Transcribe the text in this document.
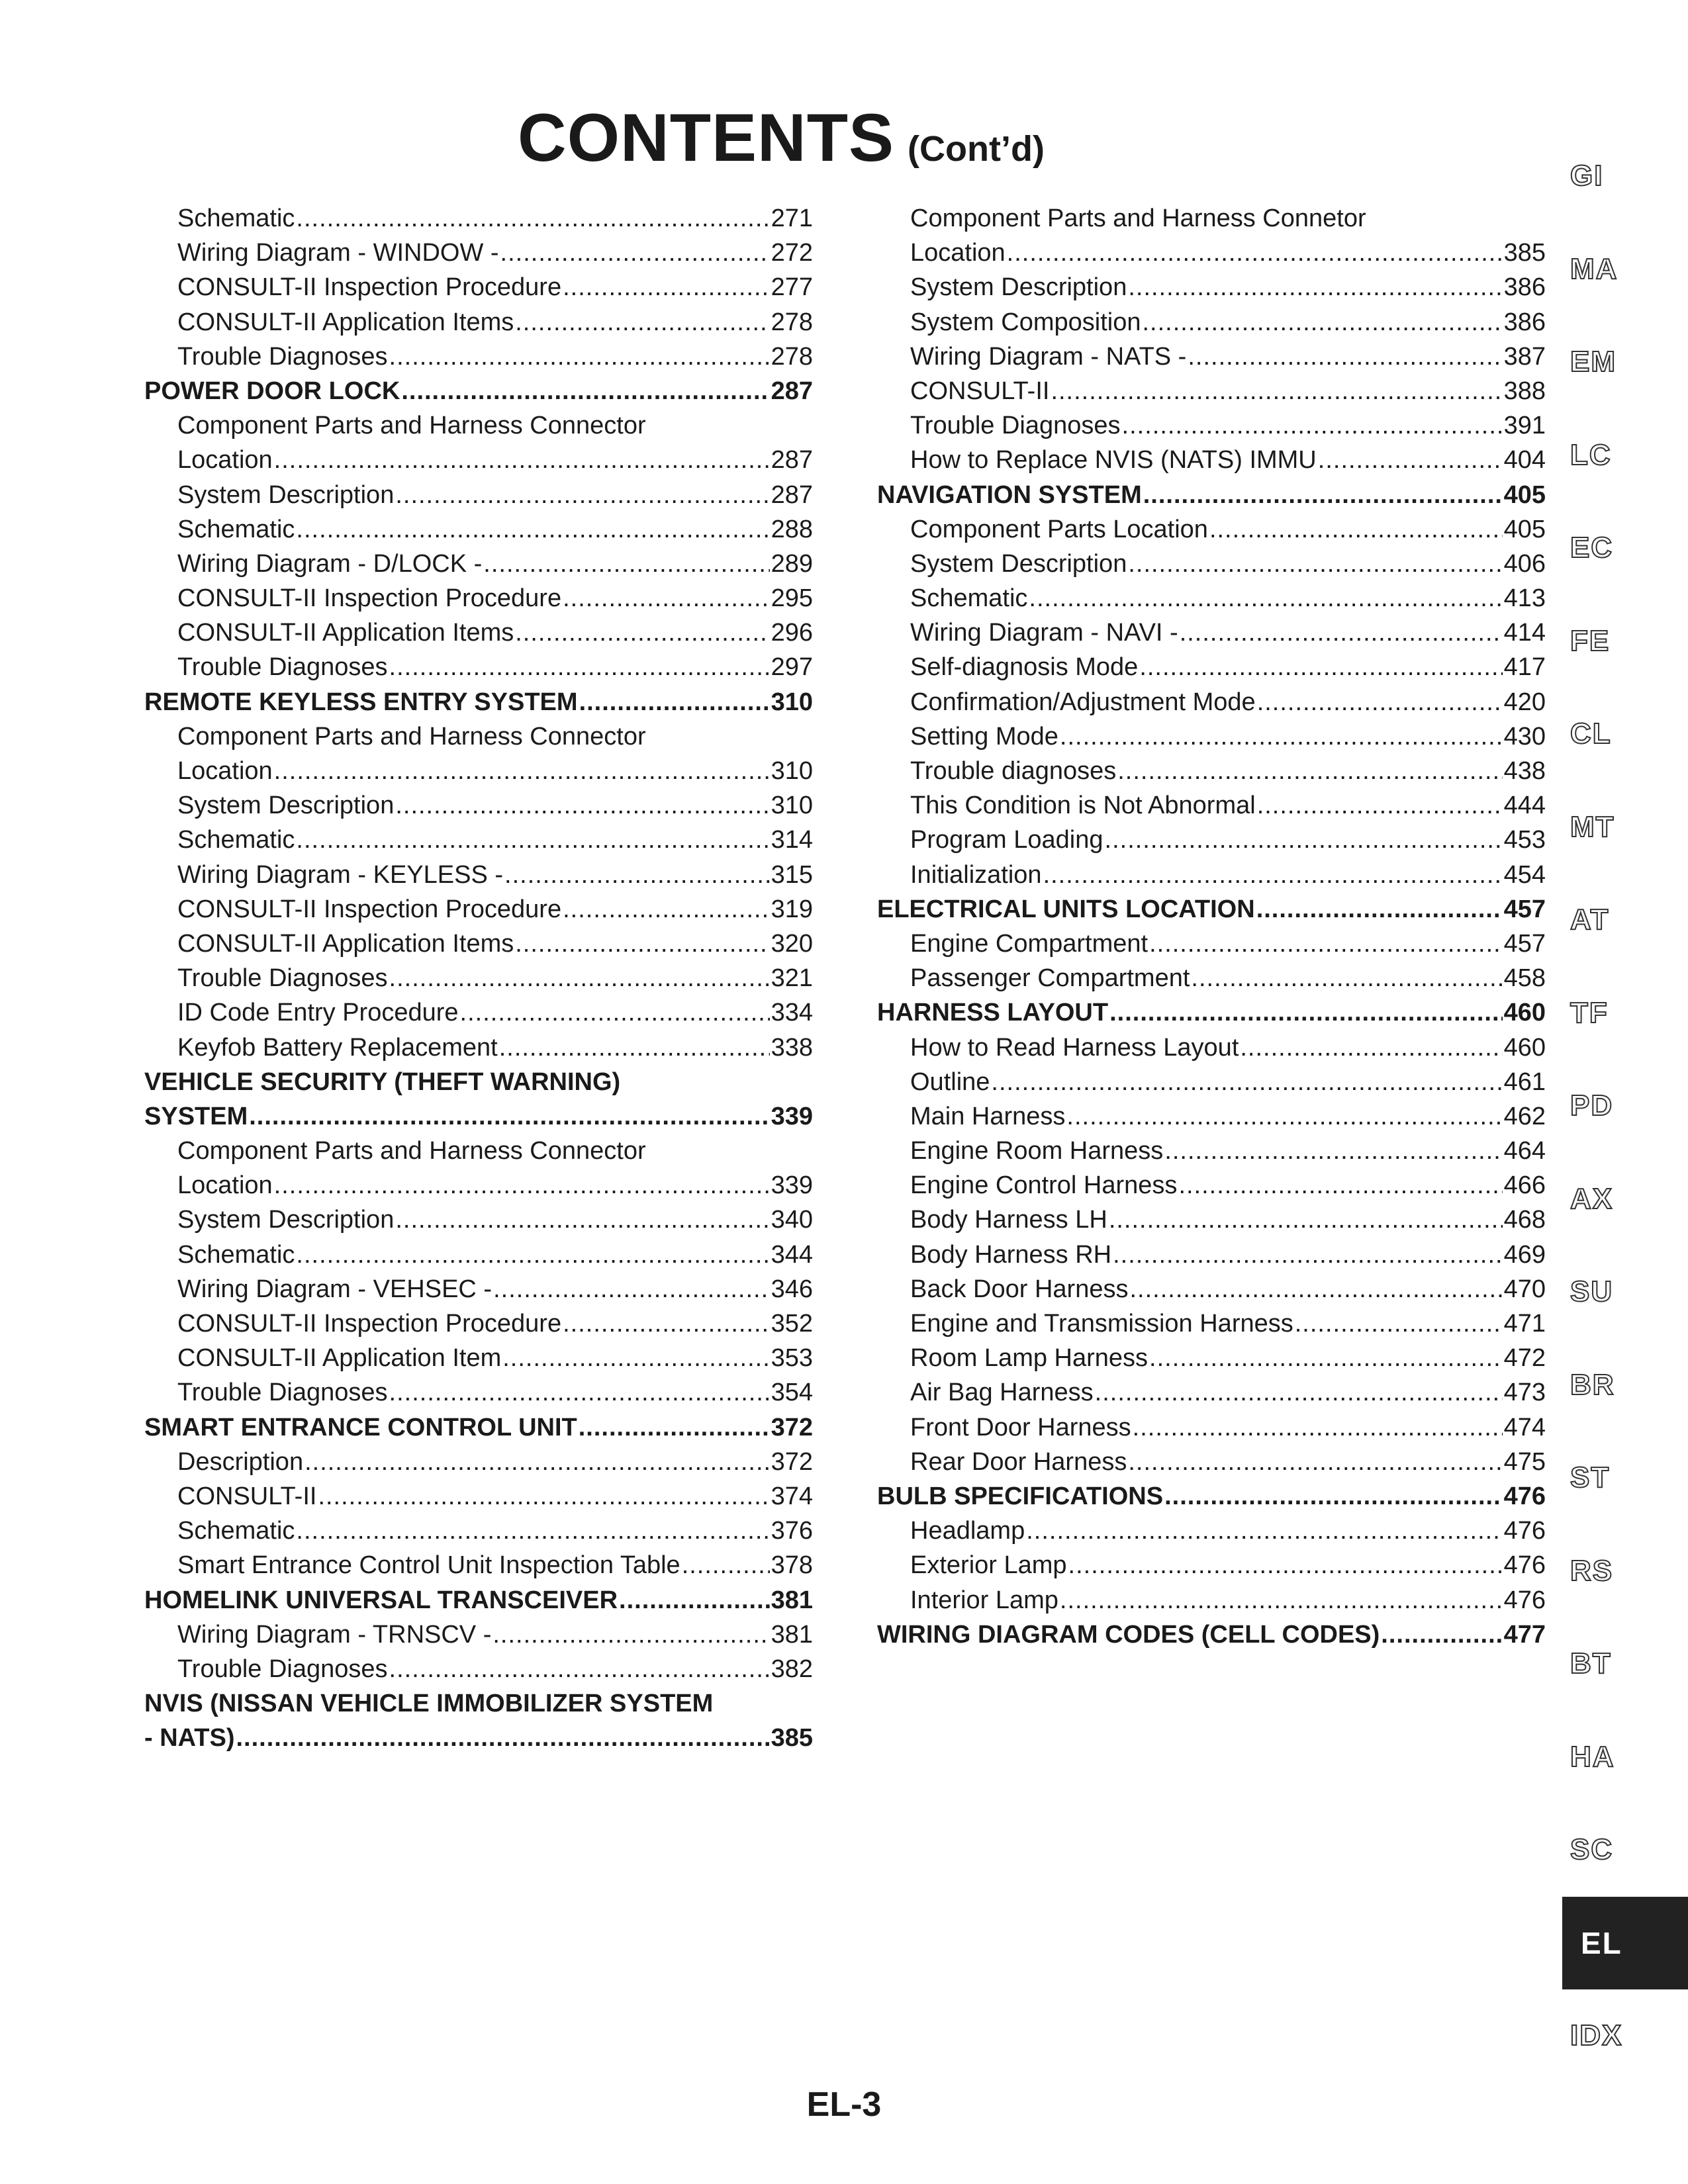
CONTENTS (Cont’d)
Schematic .....	271
Wiring Diagram - WINDOW - .....	272
CONSULT-II Inspection Procedure .....	277
CONSULT-II Application Items .....	278
Trouble Diagnoses .....	278
POWER DOOR LOCK .....	287
Component Parts and Harness Connector
Location .....	287
System Description .....	287
Schematic .....	288
Wiring Diagram - D/LOCK - .....	289
CONSULT-II Inspection Procedure .....	295
CONSULT-II Application Items .....	296
Trouble Diagnoses .....	297
REMOTE KEYLESS ENTRY SYSTEM .....	310
Component Parts and Harness Connector
Location .....	310
System Description .....	310
Schematic .....	314
Wiring Diagram - KEYLESS - .....	315
CONSULT-II Inspection Procedure .....	319
CONSULT-II Application Items .....	320
Trouble Diagnoses .....	321
ID Code Entry Procedure .....	334
Keyfob Battery Replacement .....	338
VEHICLE SECURITY (THEFT WARNING)
SYSTEM .....	339
Component Parts and Harness Connector
Location .....	339
System Description .....	340
Schematic .....	344
Wiring Diagram - VEHSEC - .....	346
CONSULT-II Inspection Procedure .....	352
CONSULT-II Application Item .....	353
Trouble Diagnoses .....	354
SMART ENTRANCE CONTROL UNIT .....	372
Description .....	372
CONSULT-II .....	374
Schematic .....	376
Smart Entrance Control Unit Inspection Table .....	378
HOMELINK UNIVERSAL TRANSCEIVER .....	381
Wiring Diagram - TRNSCV - .....	381
Trouble Diagnoses .....	382
NVIS (NISSAN VEHICLE IMMOBILIZER SYSTEM
- NATS) .....	385
Component Parts and Harness Connetor
Location .....	385
System Description .....	386
System Composition .....	386
Wiring Diagram - NATS - .....	387
CONSULT-II .....	388
Trouble Diagnoses .....	391
How to Replace NVIS (NATS) IMMU .....	404
NAVIGATION SYSTEM .....	405
Component Parts Location .....	405
System Description .....	406
Schematic .....	413
Wiring Diagram - NAVI - .....	414
Self-diagnosis Mode .....	417
Confirmation/Adjustment Mode .....	420
Setting Mode .....	430
Trouble diagnoses .....	438
This Condition is Not Abnormal .....	444
Program Loading .....	453
Initialization .....	454
ELECTRICAL UNITS LOCATION .....	457
Engine Compartment .....	457
Passenger Compartment .....	458
HARNESS LAYOUT .....	460
How to Read Harness Layout .....	460
Outline .....	461
Main Harness .....	462
Engine Room Harness .....	464
Engine Control Harness .....	466
Body Harness LH .....	468
Body Harness RH .....	469
Back Door Harness .....	470
Engine and Transmission Harness .....	471
Room Lamp Harness .....	472
Air Bag Harness .....	473
Front Door Harness .....	474
Rear Door Harness .....	475
BULB SPECIFICATIONS .....	476
Headlamp .....	476
Exterior Lamp .....	476
Interior Lamp .....	476
WIRING DIAGRAM CODES (CELL CODES) .....	477
GI
MA
EM
LC
EC
FE
CL
MT
AT
TF
PD
AX
SU
BR
ST
RS
BT
HA
SC
EL
IDX
EL-3
